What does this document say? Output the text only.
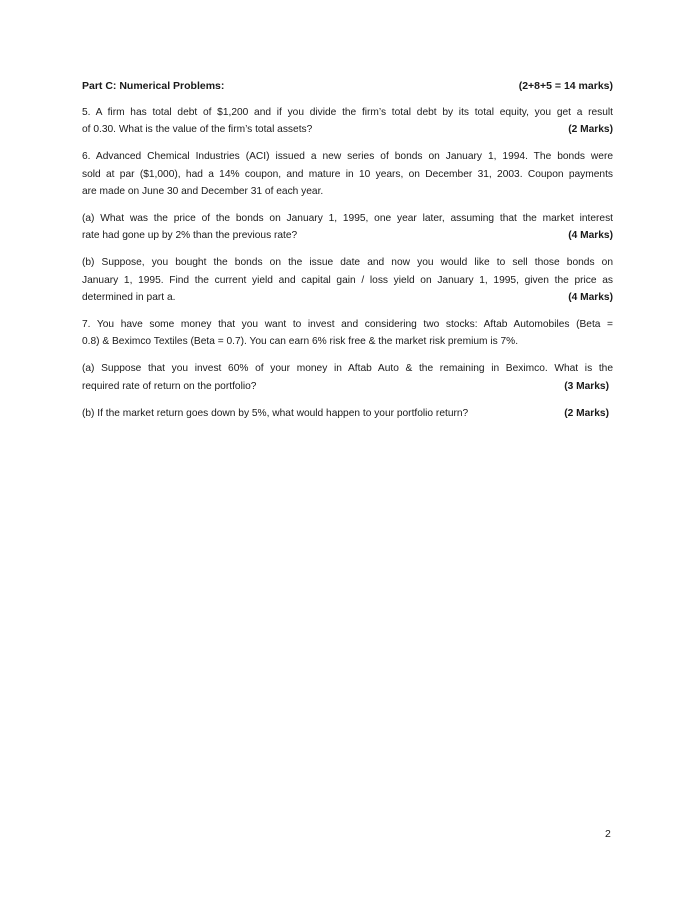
Part C: Numerical Problems:	(2+8+5 = 14 marks)
5. A firm has total debt of $1,200 and if you divide the firm’s total debt by its total equity, you get a result
of 0.30. What is the value of the firm’s total assets?	(2 Marks)
6. Advanced Chemical Industries (ACI) issued a new series of bonds on January 1, 1994. The bonds were
sold at par ($1,000), had a 14% coupon, and mature in 10 years, on December 31, 2003. Coupon payments
are made on June 30 and December 31 of each year.
(a) What was the price of the bonds on January 1, 1995, one year later, assuming that the market interest
rate had gone up by 2% than the previous rate?	(4 Marks)
(b) Suppose, you bought the bonds on the issue date and now you would like to sell those bonds on
January 1, 1995. Find the current yield and capital gain / loss yield on January 1, 1995, given the price as
determined in part a.	(4 Marks)
7. You have some money that you want to invest and considering two stocks: Aftab Automobiles (Beta =
0.8) & Beximco Textiles (Beta = 0.7). You can earn 6% risk free & the market risk premium is 7%.
(a) Suppose that you invest 60% of your money in Aftab Auto & the remaining in Beximco. What is the
required rate of return on the portfolio?	(3 Marks)
(b) If the market return goes down by 5%, what would happen to your portfolio return?	(2 Marks)
2
